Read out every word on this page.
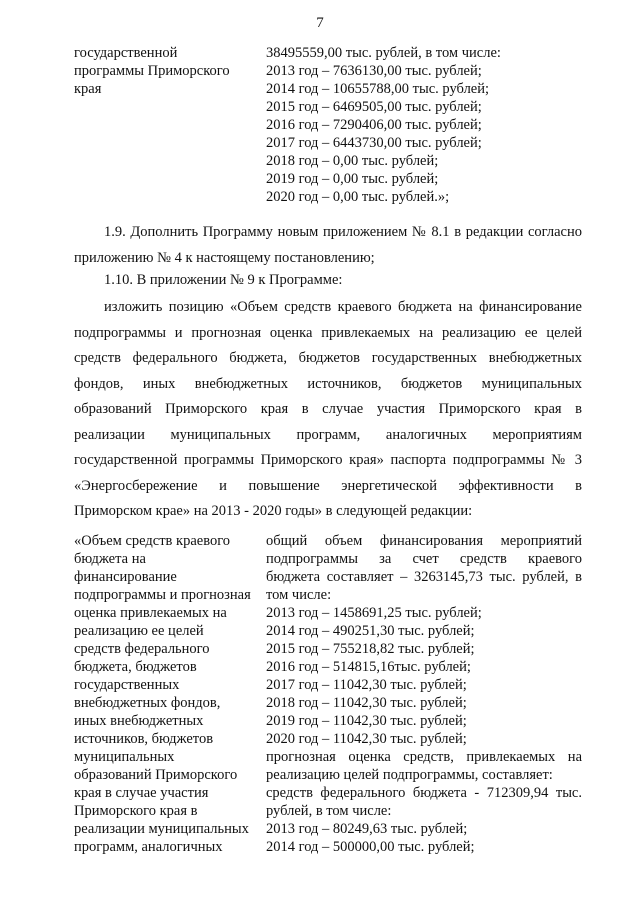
7
государственной
программы Приморского
края
38495559,00 тыс. рублей, в том числе:
2013 год – 7636130,00 тыс. рублей;
2014 год – 10655788,00 тыс. рублей;
2015 год – 6469505,00 тыс. рублей;
2016 год – 7290406,00 тыс. рублей;
2017 год – 6443730,00 тыс. рублей;
2018 год – 0,00 тыс. рублей;
2019 год – 0,00 тыс. рублей;
2020 год – 0,00 тыс. рублей.»;
1.9. Дополнить Программу новым приложением № 8.1 в редакции согласно
приложению № 4 к настоящему постановлению;
1.10. В приложении № 9 к Программе:
изложить позицию «Объем средств краевого бюджета на финансирование
подпрограммы и прогнозная оценка привлекаемых на реализацию ее целей
средств федерального бюджета, бюджетов государственных внебюджетных
фондов, иных внебюджетных источников, бюджетов муниципальных
образований Приморского края в случае участия Приморского края в
реализации муниципальных программ, аналогичных мероприятиям
государственной программы Приморского края» паспорта подпрограммы № 3
«Энергосбережение и повышение энергетической эффективности в
Приморском крае» на 2013 - 2020 годы» в следующей редакции:
«Объем средств краевого
бюджета на
финансирование
подпрограммы и прогнозная
оценка привлекаемых на
реализацию ее целей
средств федерального
бюджета, бюджетов
государственных
внебюджетных фондов,
иных внебюджетных
источников, бюджетов
муниципальных
образований Приморского
края в случае участия
Приморского края в
реализации муниципальных
программ, аналогичных
общий объем финансирования мероприятий
подпрограммы за счет средств краевого
бюджета составляет – 3263145,73 тыс. рублей, в
том числе:
2013 год – 1458691,25 тыс. рублей;
2014 год – 490251,30 тыс. рублей;
2015 год – 755218,82 тыс. рублей;
2016 год – 514815,16тыс. рублей;
2017 год – 11042,30 тыс. рублей;
2018 год – 11042,30 тыс. рублей;
2019 год – 11042,30 тыс. рублей;
2020 год – 11042,30 тыс. рублей;
прогнозная оценка средств, привлекаемых на
реализацию целей подпрограммы, составляет:
средств федерального бюджета - 712309,94 тыс.
рублей, в том числе:
2013 год – 80249,63 тыс. рублей;
2014 год – 500000,00 тыс. рублей;
